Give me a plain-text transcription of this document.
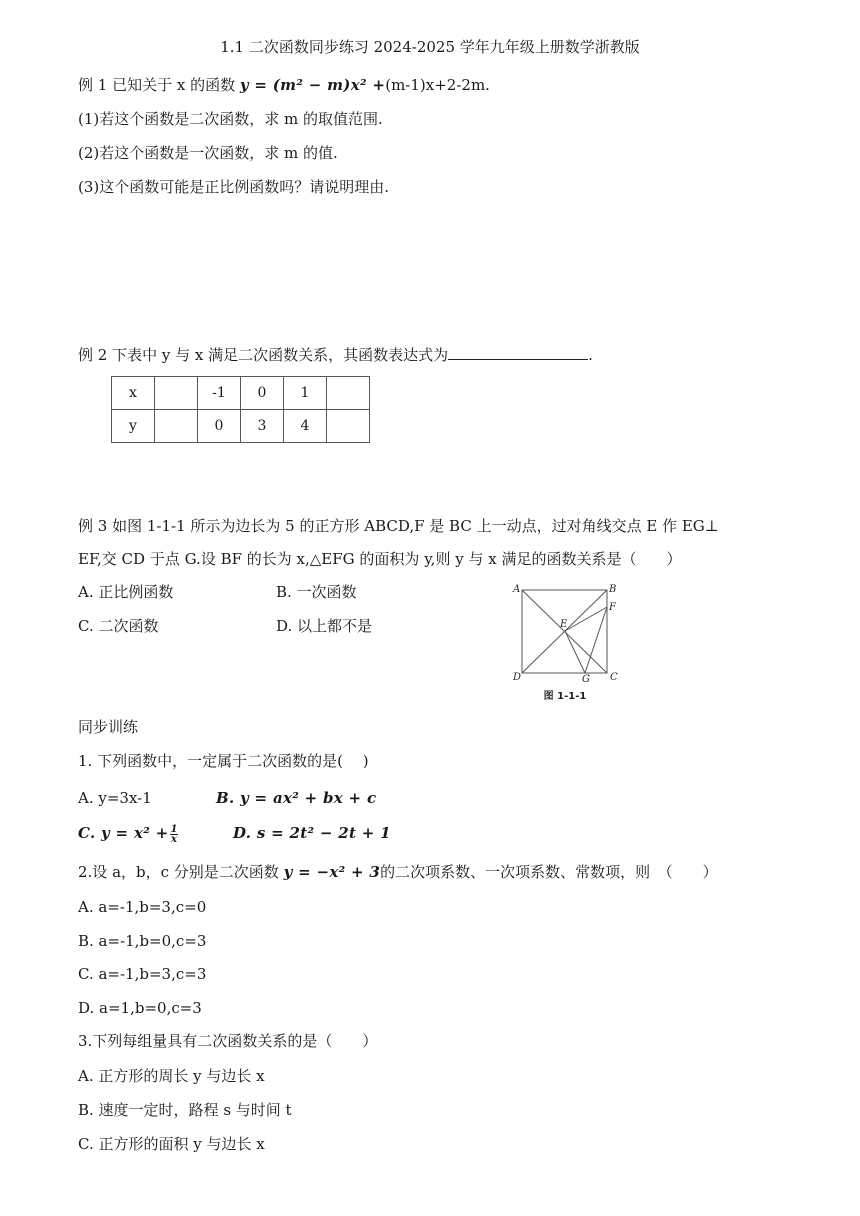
1.1 二次函数同步练习 2024-2025 学年九年级上册数学浙教版
例 1 已知关于 x 的函数 y = (m² − m)x² +(m-1)x+2-2m.
(1)若这个函数是二次函数，求 m 的取值范围.
(2)若这个函数是一次函数，求 m 的值.
(3)这个函数可能是正比例函数吗？请说明理由.
例 2 下表中 y 与 x 满足二次函数关系，其函数表达式为	.
x		-1	0	1	
y		0	3	4	
例 3 如图 1-1-1 所示为边长为 5 的正方形 ABCD,F 是 BC 上一动点，过对角线交点 E 作 EG⊥
EF,交 CD 于点 G.设 BF 的长为 x,△EFG 的面积为 y,则 y 与 x 满足的函数关系是（　　）
A. 正比例函数	B. 一次函数
C. 二次函数	D. 以上都不是
A	B
F
E
D	G C
图 1-1-1
同步训练
1. 下列函数中，一定属于二次函数的是(　 )
A. y=3x-1	B. y = ax² + bx + c
C. $y = x^2 + \frac{1}{x}$	D. s = 2t² − 2t + 1
2.设 a，b，c 分别是二次函数 y = −x² + 3的二次项系数、一次项系数、常数项，则　（　　）
A. a=-1,b=3,c=0
B. a=-1,b=0,c=3
C. a=-1,b=3,c=3
D. a=1,b=0,c=3
3.下列每组量具有二次函数关系的是（　　）
A. 正方形的周长 y 与边长 x
B. 速度一定时，路程 s 与时间 t
C. 正方形的面积 y 与边长 x
